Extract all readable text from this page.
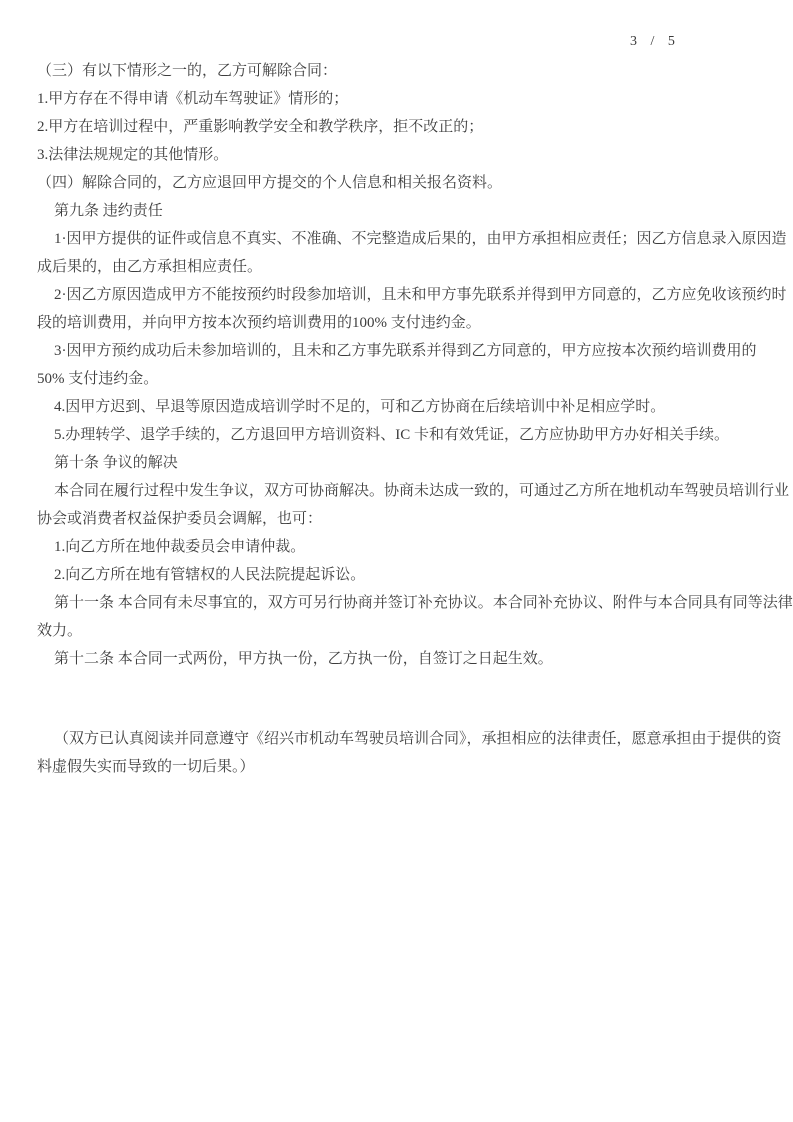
3 / 5
（三）有以下情形之一的，乙方可解除合同：
1.甲方存在不得申请《机动车驾驶证》情形的；
2.甲方在培训过程中，严重影响教学安全和教学秩序，拒不改正的；
3.法律法规规定的其他情形。
（四）解除合同的，乙方应退回甲方提交的个人信息和相关报名资料。
第九条 违约责任
1·因甲方提供的证件或信息不真实、不准确、不完整造成后果的，由甲方承担相应责任；因乙方信息录入原因造
成后果的，由乙方承担相应责任。
2·因乙方原因造成甲方不能按预约时段参加培训，且未和甲方事先联系并得到甲方同意的，乙方应免收该预约时
段的培训费用，并向甲方按本次预约培训费用的100% 支付违约金。
3·因甲方预约成功后未参加培训的，且未和乙方事先联系并得到乙方同意的，甲方应按本次预约培训费用的
50% 支付违约金。
4.因甲方迟到、早退等原因造成培训学时不足的，可和乙方协商在后续培训中补足相应学时。
5.办理转学、退学手续的，乙方退回甲方培训资料、IC 卡和有效凭证，乙方应协助甲方办好相关手续。
第十条 争议的解决
本合同在履行过程中发生争议，双方可协商解决。协商未达成一致的，可通过乙方所在地机动车驾驶员培训行业
协会或消费者权益保护委员会调解，也可：
1.向乙方所在地仲裁委员会申请仲裁。
2.向乙方所在地有管辖权的人民法院提起诉讼。
第十一条 本合同有未尽事宜的，双方可另行协商并签订补充协议。本合同补充协议、附件与本合同具有同等法律
效力。
第十二条 本合同一式两份，甲方执一份，乙方执一份，自签订之日起生效。
（双方已认真阅读并同意遵守《绍兴市机动车驾驶员培训合同》，承担相应的法律责任，愿意承担由于提供的资
料虚假失实而导致的一切后果。）
